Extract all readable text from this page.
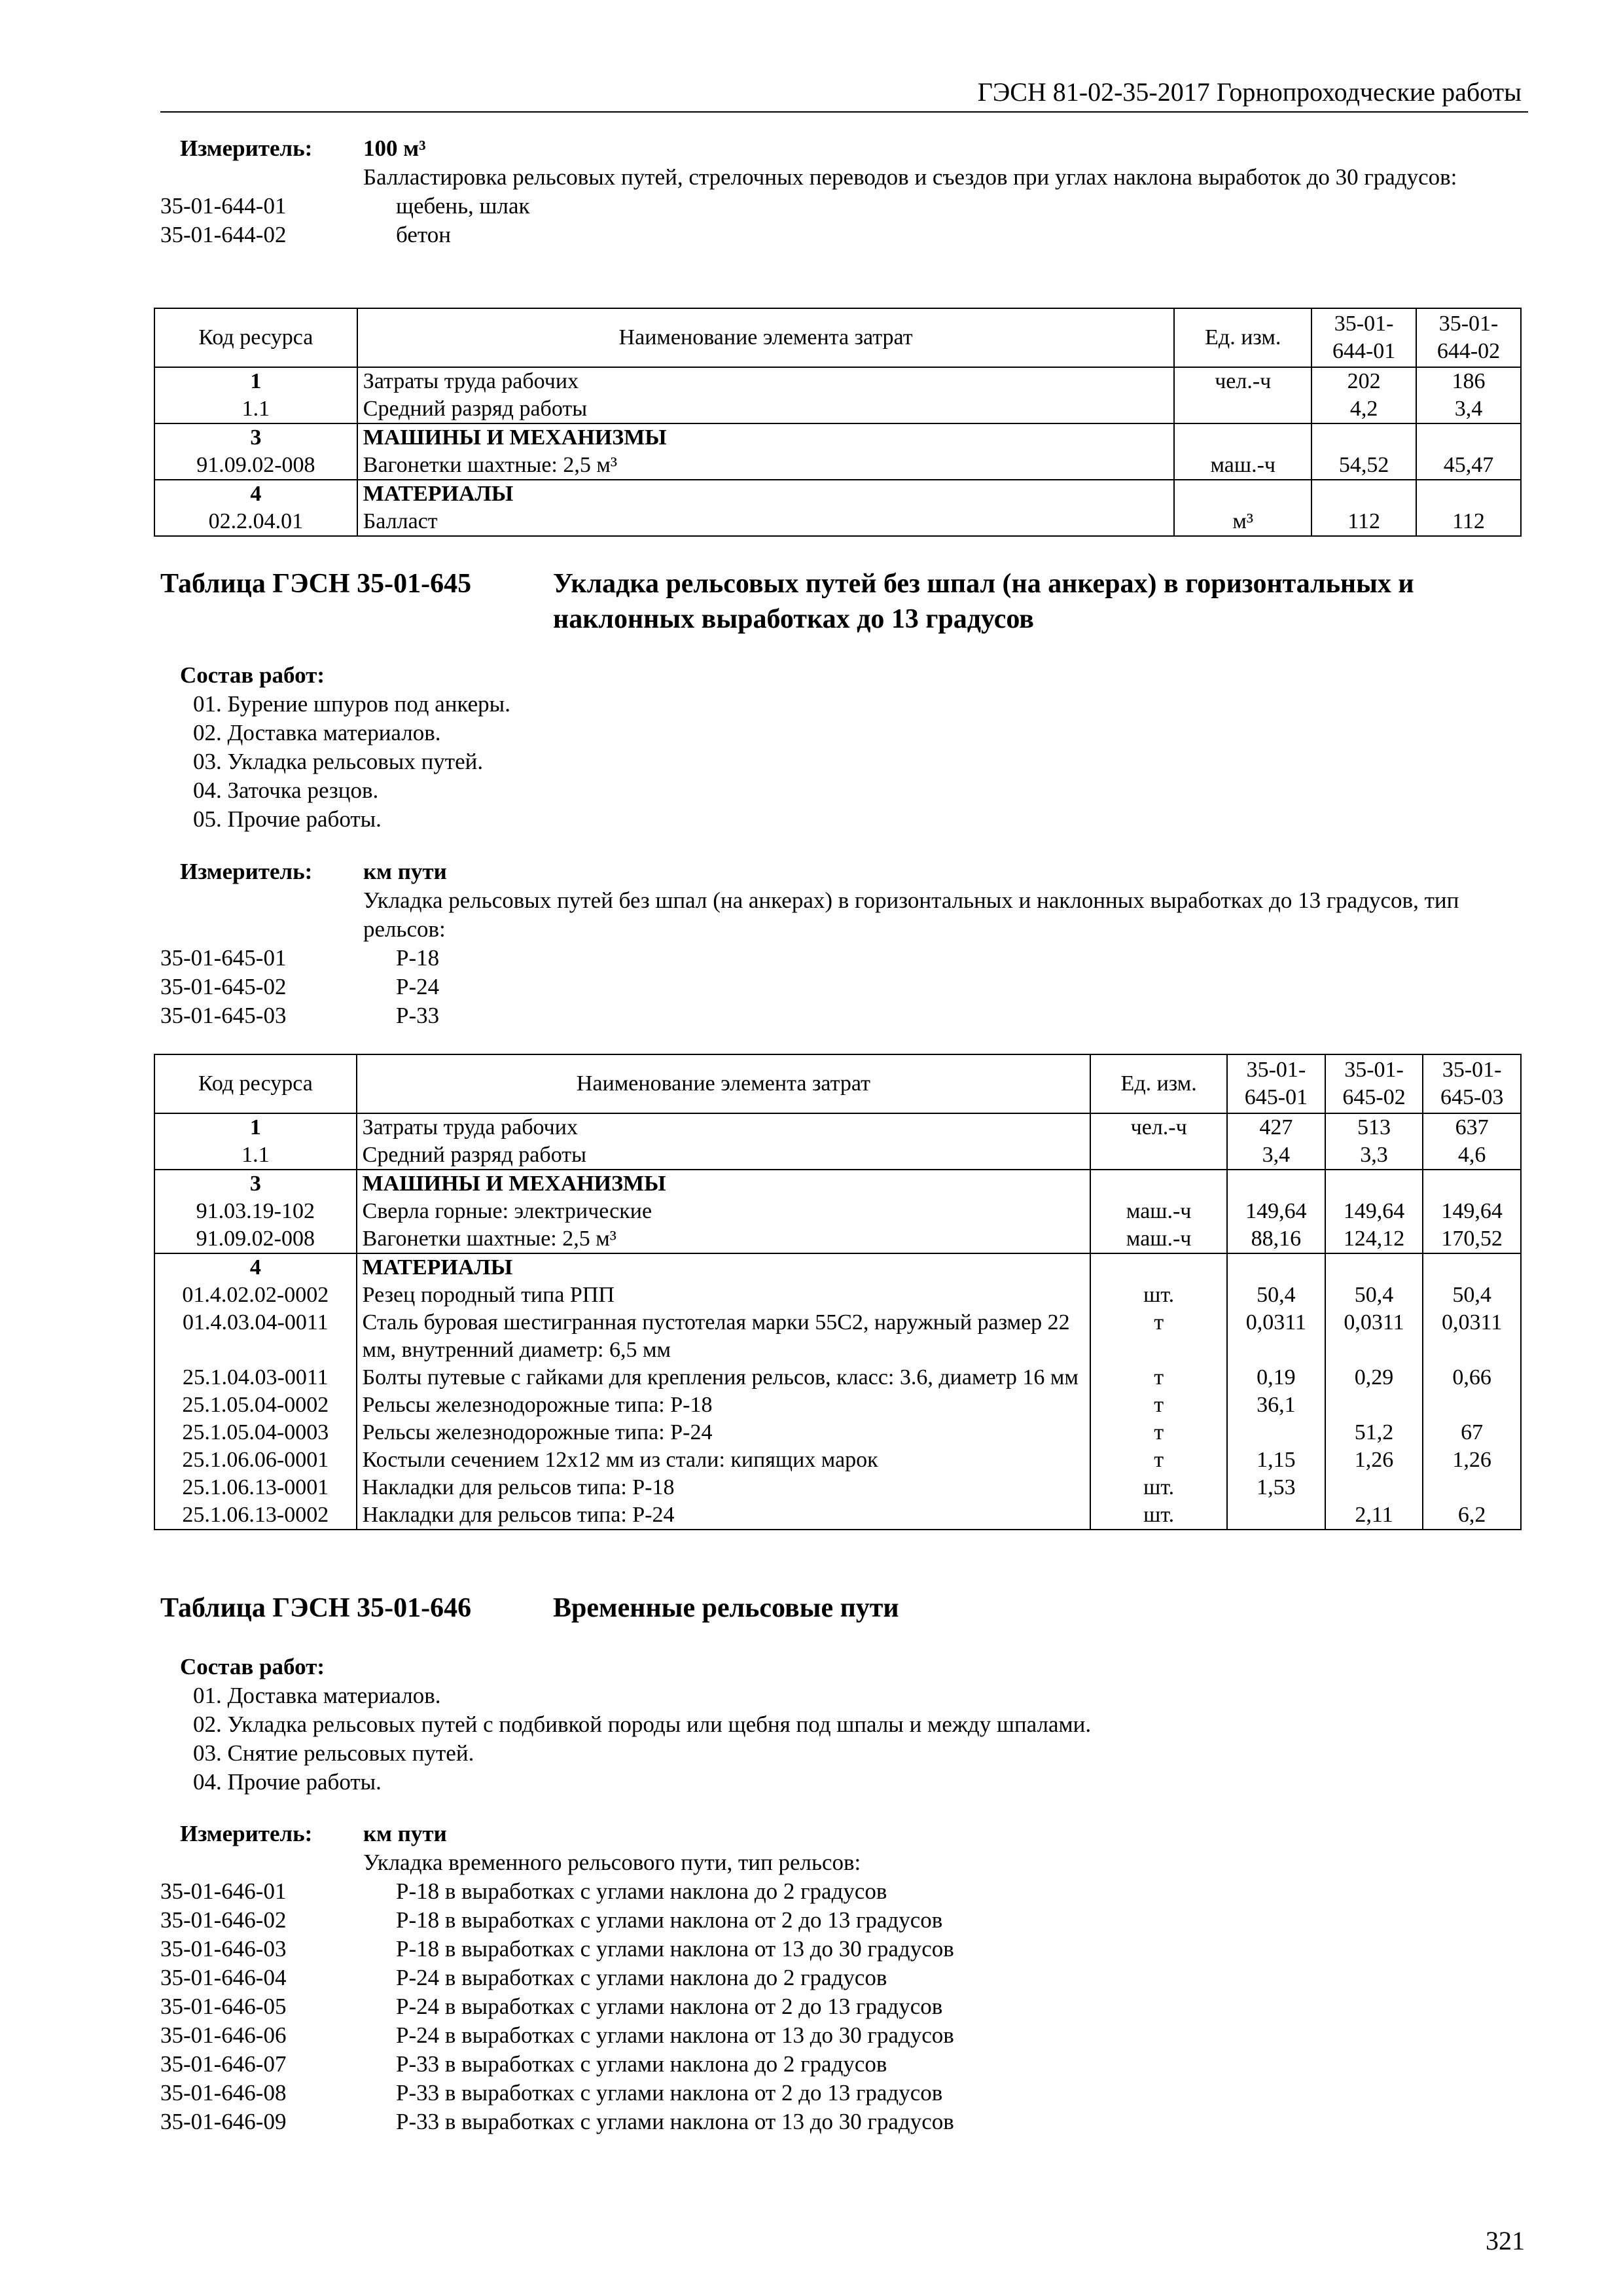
ГЭСН 81-02-35-2017 Горнопроходческие работы
Измеритель:	100 м³
Балластировка рельсовых путей, стрелочных переводов и съездов при углах наклона выработок до 30 градусов:
35-01-644-01	щебень, шлак
35-01-644-02	бетон
Код ресурса	Наименование элемента затрат	Ед. изм.	35-01-644-01	35-01-644-02
1	Затраты труда рабочих	чел.-ч	202	186
1.1	Средний разряд работы		4,2	3,4
3	МАШИНЫ И МЕХАНИЗМЫ			
91.09.02-008	Вагонетки шахтные: 2,5 м³	маш.-ч	54,52	45,47
4	МАТЕРИАЛЫ			
02.2.04.01	Балласт	м³	112	112
Таблица ГЭСН 35-01-645	Укладка рельсовых путей без шпал (на анкерах) в горизонтальных и наклонных выработках до 13 градусов
Состав работ:
01. Бурение шпуров под анкеры.
02. Доставка материалов.
03. Укладка рельсовых путей.
04. Заточка резцов.
05. Прочие работы.
Измеритель:	км пути
Укладка рельсовых путей без шпал (на анкерах) в горизонтальных и наклонных выработках до 13 градусов, тип рельсов:
35-01-645-01	Р-18
35-01-645-02	Р-24
35-01-645-03	Р-33
Код ресурса	Наименование элемента затрат	Ед. изм.	35-01-645-01	35-01-645-02	35-01-645-03
1	Затраты труда рабочих	чел.-ч	427	513	637
1.1	Средний разряд работы		3,4	3,3	4,6
3	МАШИНЫ И МЕХАНИЗМЫ				
91.03.19-102	Сверла горные: электрические	маш.-ч	149,64	149,64	149,64
91.09.02-008	Вагонетки шахтные: 2,5 м³	маш.-ч	88,16	124,12	170,52
4	МАТЕРИАЛЫ				
01.4.02.02-0002	Резец породный типа РПП	шт.	50,4	50,4	50,4
01.4.03.04-0011	Сталь буровая шестигранная пустотелая марки 55С2, наружный размер 22 мм, внутренний диаметр: 6,5 мм	т	0,0311	0,0311	0,0311
25.1.04.03-0011	Болты путевые с гайками для крепления рельсов, класс: 3.6, диаметр 16 мм	т	0,19	0,29	0,66
25.1.05.04-0002	Рельсы железнодорожные типа: Р-18	т	36,1		
25.1.05.04-0003	Рельсы железнодорожные типа: Р-24	т		51,2	67
25.1.06.06-0001	Костыли сечением 12х12 мм из стали: кипящих марок	т	1,15	1,26	1,26
25.1.06.13-0001	Накладки для рельсов типа: Р-18	шт.	1,53		
25.1.06.13-0002	Накладки для рельсов типа: Р-24	шт.		2,11	6,2
Таблица ГЭСН 35-01-646	Временные рельсовые пути
Состав работ:
01. Доставка материалов.
02. Укладка рельсовых путей с подбивкой породы или щебня под шпалы и между шпалами.
03. Снятие рельсовых путей.
04. Прочие работы.
Измеритель:	км пути
Укладка временного рельсового пути, тип рельсов:
35-01-646-01	Р-18 в выработках с углами наклона до 2 градусов
35-01-646-02	Р-18 в выработках с углами наклона от 2 до 13 градусов
35-01-646-03	Р-18 в выработках с углами наклона от 13 до 30 градусов
35-01-646-04	Р-24 в выработках с углами наклона до 2 градусов
35-01-646-05	Р-24 в выработках с углами наклона от 2 до 13 градусов
35-01-646-06	Р-24 в выработках с углами наклона от 13 до 30 градусов
35-01-646-07	Р-33 в выработках с углами наклона до 2 градусов
35-01-646-08	Р-33 в выработках с углами наклона от 2 до 13 градусов
35-01-646-09	Р-33 в выработках с углами наклона от 13 до 30 градусов
321
